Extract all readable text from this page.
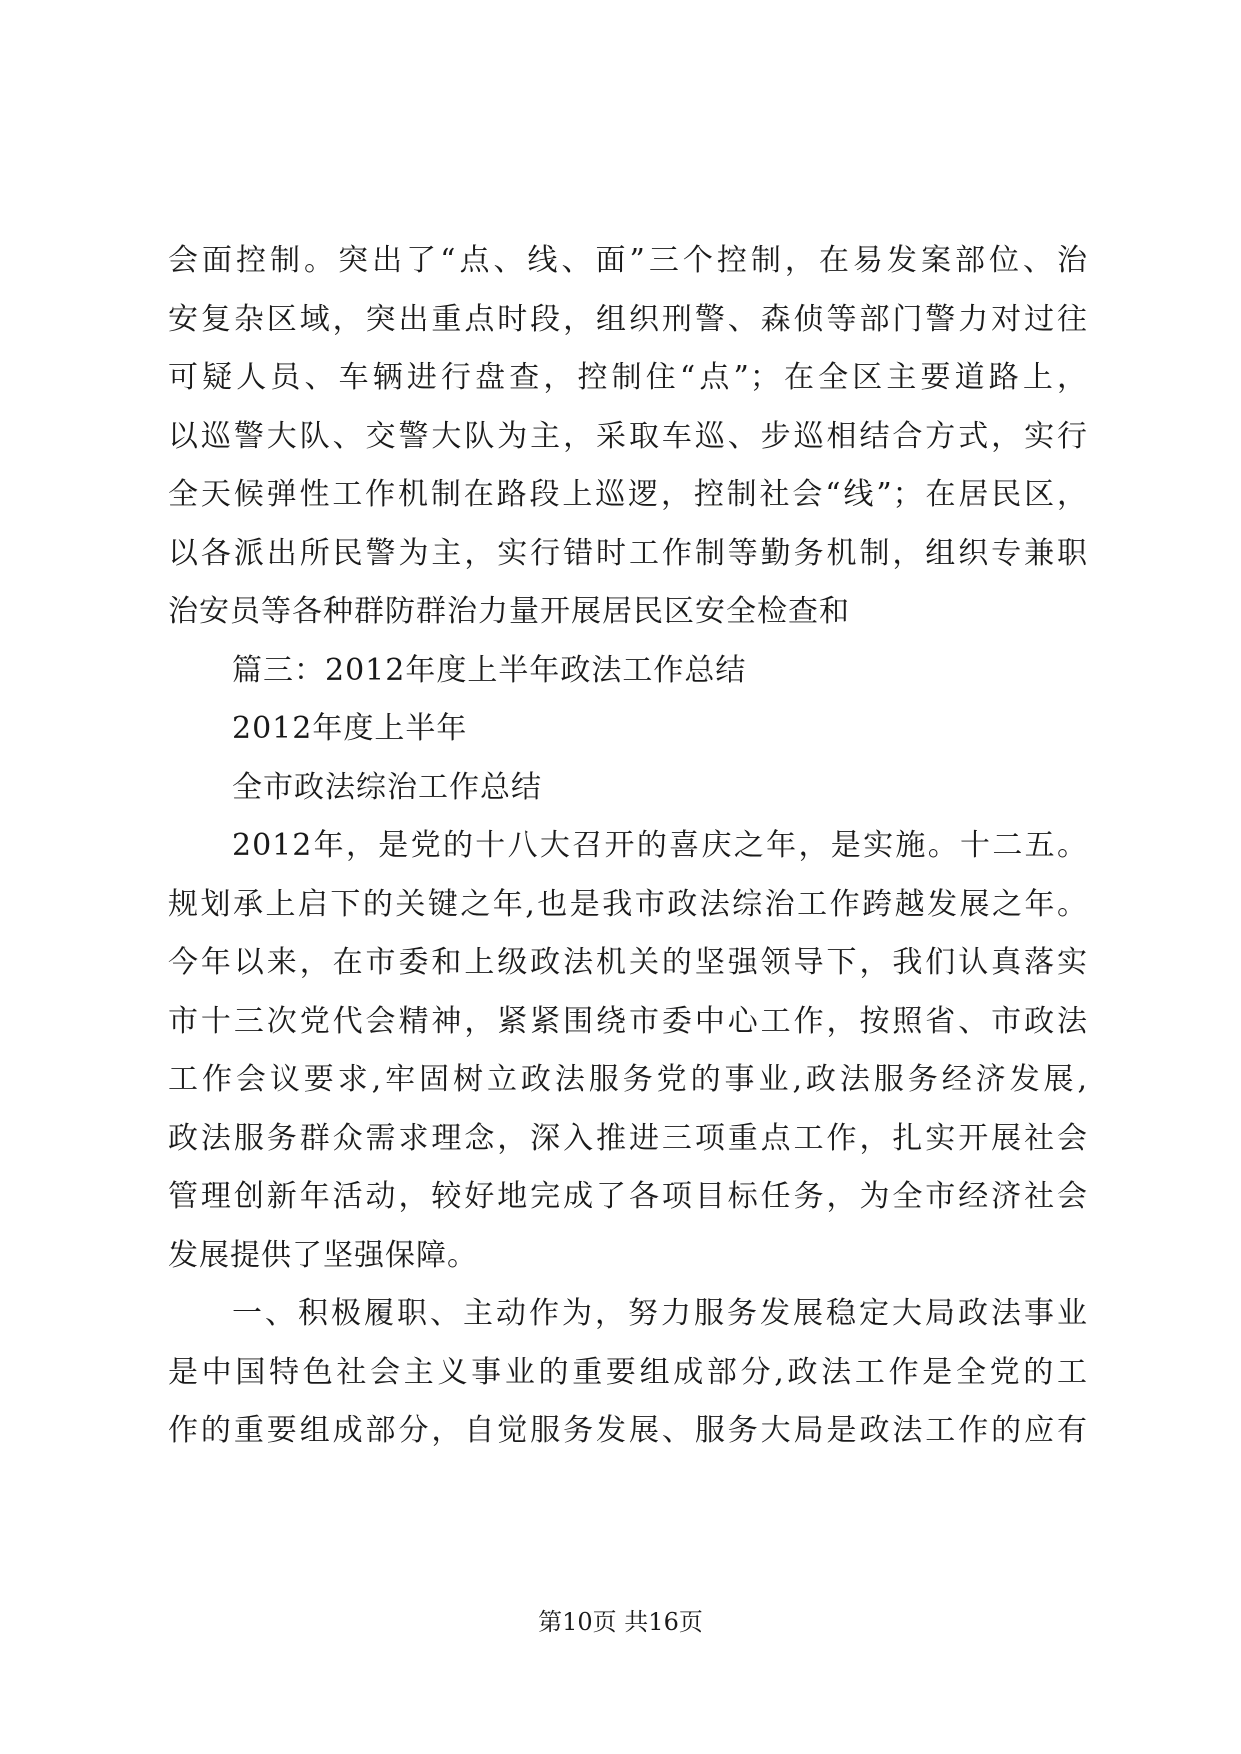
会面控制。突出了“点、线、面”三个控制，在易发案部位、治
安复杂区域，突出重点时段，组织刑警、森侦等部门警力对过往
可疑人员、车辆进行盘查，控制住“点”；在全区主要道路上，
以巡警大队、交警大队为主，采取车巡、步巡相结合方式，实行
全天候弹性工作机制在路段上巡逻，控制社会“线”；在居民区，
以各派出所民警为主，实行错时工作制等勤务机制，组织专兼职
治安员等各种群防群治力量开展居民区安全检查和
篇三：2012年度上半年政法工作总结
2012年度上半年
全市政法综治工作总结
2012年，是党的十八大召开的喜庆之年，是实施。十二五。
规划承上启下的关键之年,也是我市政法综治工作跨越发展之年。
今年以来，在市委和上级政法机关的坚强领导下，我们认真落实
市十三次党代会精神，紧紧围绕市委中心工作，按照省、市政法
工作会议要求,牢固树立政法服务党的事业,政法服务经济发展,
政法服务群众需求理念，深入推进三项重点工作，扎实开展社会
管理创新年活动，较好地完成了各项目标任务，为全市经济社会
发展提供了坚强保障。
一、积极履职、主动作为，努力服务发展稳定大局政法事业
是中国特色社会主义事业的重要组成部分,政法工作是全党的工
作的重要组成部分，自觉服务发展、服务大局是政法工作的应有
第10页 共16页
